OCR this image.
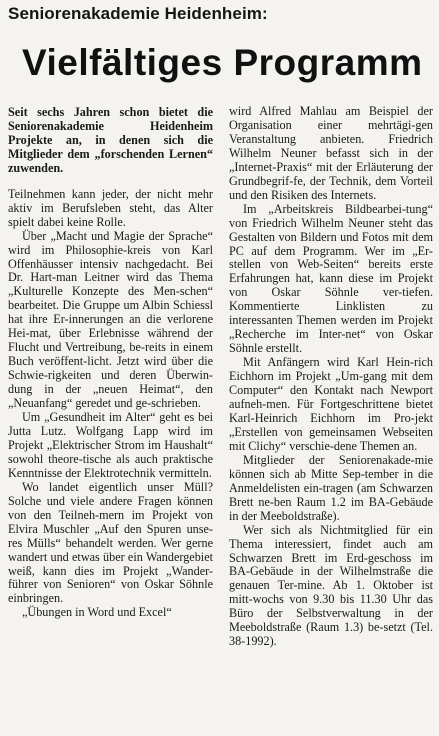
Seniorenakademie Heidenheim:
Vielfältiges Programm

Seit sechs Jahren schon bietet die Seniorenakademie Heidenheim Projekte an, in denen sich die Mitglieder dem „forschenden Lernen“ zuwenden.

Teilnehmen kann jeder, der nicht mehr aktiv im Berufsleben steht, das Alter spielt dabei keine Rolle.

Über „Macht und Magie der Sprache“ wird im Philosophie-kreis von Karl Offenhäusser intensiv nachgedacht. Bei Dr. Hart-man Leitner wird das Thema „Kulturelle Konzepte des Men-schen“ bearbeitet. Die Gruppe um Albin Schiessl hat ihre Er-innerungen an die verlorene Hei-mat, über Erlebnisse während der Flucht und Vertreibung, be-reits in einem Buch veröffent-licht. Jetzt wird über die Schwie-rigkeiten und deren Überwin-dung in der „neuen Heimat“, den „Neuanfang“ geredet und ge-schrieben.

Um „Gesundheit im Alter“ geht es bei Jutta Lutz. Wolfgang Lapp wird im Projekt „Elektrischer Strom im Haushalt“ sowohl theore-tische als auch praktische Kenntnisse der Elektrotechnik vermitteln.

Wo landet eigentlich unser Müll? Solche und viele andere Fragen können von den Teilneh-mern im Projekt von Elvira Muschler „Auf den Spuren unse-res Mülls“ behandelt werden. Wer gerne wandert und etwas über ein Wandergebiet weiß, kann dies im Projekt „Wander-führer von Senioren“ von Oskar Söhnle einbringen.

„Übungen in Word und Excel“

wird Alfred Mahlau am Beispiel der Organisation einer mehrtägi-gen Veranstaltung anbieten. Friedrich Wilhelm Neuner befasst sich in der „Internet-Praxis“ mit der Erläuterung der Grundbegrif-fe, der Technik, dem Vorteil und den Risiken des Internets.

Im „Arbeitskreis Bildbearbei-tung“ von Friedrich Wilhelm Neuner steht das Gestalten von Bildern und Fotos mit dem PC auf dem Programm. Wer im „Er-stellen von Web-Seiten“ bereits erste Erfahrungen hat, kann diese im Projekt von Oskar Söhnle ver-tiefen. Kommentierte Linklisten zu interessanten Themen werden im Projekt „Recherche im Inter-net“ von Oskar Söhnle erstellt.

Mit Anfängern wird Karl Hein-rich Eichhorn im Projekt „Um-gang mit dem Computer“ den Kontakt nach Newport aufneh-men. Für Fortgeschrittene bietet Karl-Heinrich Eichhorn im Pro-jekt „Erstellen von gemeinsamen Webseiten mit Clichy“ verschie-dene Themen an.

Mitglieder der Seniorenakade-mie können sich ab Mitte Sep-tember in die Anmeldelisten ein-tragen (am Schwarzen Brett ne-ben Raum 1.2 im BA-Gebäude in der Meeboldstraße).

Wer sich als Nichtmitglied für ein Thema interessiert, findet auch am Schwarzen Brett im Erd-geschoss im BA-Gebäude in der Wilhelmstraße die genauen Ter-mine. Ab 1. Oktober ist mitt-wochs von 9.30 bis 11.30 Uhr das Büro der Selbstverwaltung in der Meeboldstraße (Raum 1.3) be-setzt (Tel. 38-1992).
